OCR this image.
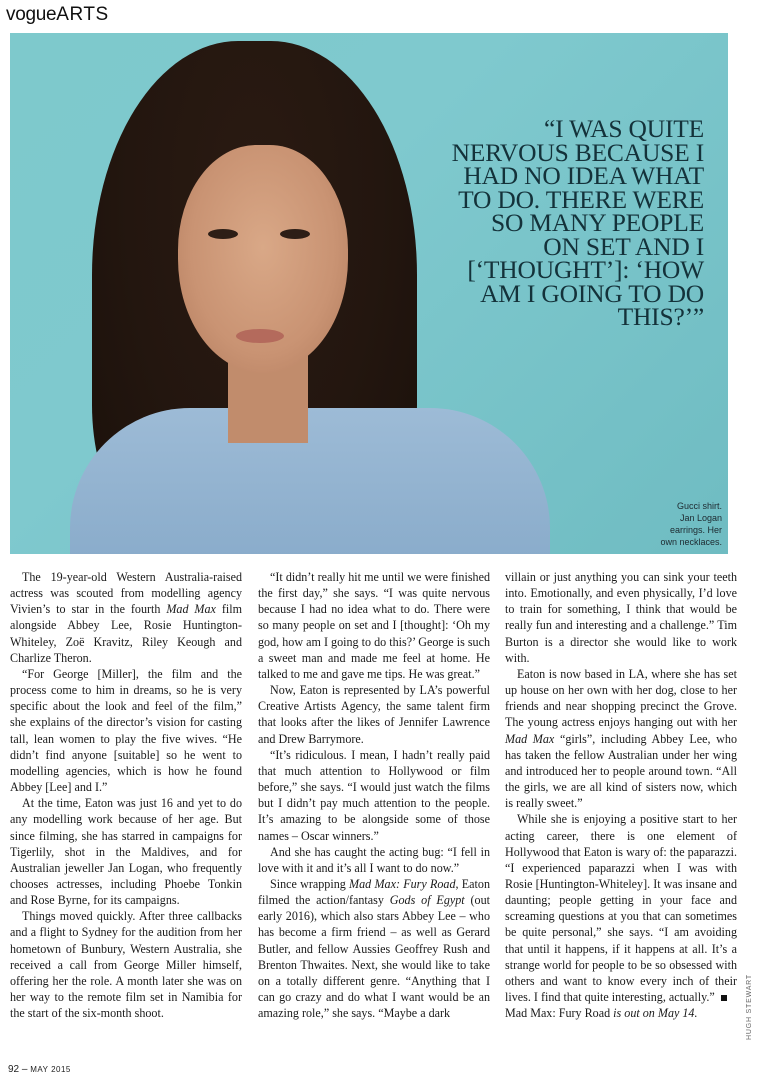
vogueARTS
“I WAS QUITE NERVOUS BECAUSE I HAD NO IDEA WHAT TO DO. THERE WERE SO MANY PEOPLE ON SET AND I [‘THOUGHT’]: ‘HOW AM I GOING TO DO THIS?’”
Gucci shirt.
Jan Logan
earrings. Her
own necklaces.

The 19-year-old Western Australia-raised actress was scouted from modelling agency Vivien’s to star in the fourth Mad Max film alongside Abbey Lee, Rosie Huntington-Whiteley, Zoë Kravitz, Riley Keough and Charlize Theron.

“For George [Miller], the film and the process come to him in dreams, so he is very specific about the look and feel of the film,” she explains of the director’s vision for casting tall, lean women to play the five wives. “He didn’t find anyone [suitable] so he went to modelling agencies, which is how he found Abbey [Lee] and I.”

At the time, Eaton was just 16 and yet to do any modelling work because of her age. But since filming, she has starred in campaigns for Tigerlily, shot in the Maldives, and for Australian jeweller Jan Logan, who frequently chooses actresses, including Phoebe Tonkin and Rose Byrne, for its campaigns.

Things moved quickly. After three callbacks and a flight to Sydney for the audition from her hometown of Bunbury, Western Australia, she received a call from George Miller himself, offering her the role. A month later she was on her way to the remote film set in Namibia for the start of the six-month shoot.

“It didn’t really hit me until we were finished the first day,” she says. “I was quite nervous because I had no idea what to do. There were so many people on set and I [thought]: ‘Oh my god, how am I going to do this?’ George is such a sweet man and made me feel at home. He talked to me and gave me tips. He was great.”

Now, Eaton is represented by LA’s powerful Creative Artists Agency, the same talent firm that looks after the likes of Jennifer Lawrence and Drew Barrymore.

“It’s ridiculous. I mean, I hadn’t really paid that much attention to Hollywood or film before,” she says. “I would just watch the films but I didn’t pay much attention to the people. It’s amazing to be alongside some of those names – Oscar winners.”

And she has caught the acting bug: “I fell in love with it and it’s all I want to do now.”

Since wrapping Mad Max: Fury Road, Eaton filmed the action/fantasy Gods of Egypt (out early 2016), which also stars Abbey Lee – who has become a firm friend – as well as Gerard Butler, and fellow Aussies Geoffrey Rush and Brenton Thwaites. Next, she would like to take on a totally different genre. “Anything that I can go crazy and do what I want would be an amazing role,” she says. “Maybe a dark

villain or just anything you can sink your teeth into. Emotionally, and even physically, I’d love to train for something, I think that would be really fun and interesting and a challenge.” Tim Burton is a director she would like to work with.

Eaton is now based in LA, where she has set up house on her own with her dog, close to her friends and near shopping precinct the Grove. The young actress enjoys hanging out with her Mad Max “girls”, including Abbey Lee, who has taken the fellow Australian under her wing and introduced her to people around town. “All the girls, we are all kind of sisters now, which is really sweet.”

While she is enjoying a positive start to her acting career, there is one element of Hollywood that Eaton is wary of: the paparazzi. “I experienced paparazzi when I was with Rosie [Huntington-Whiteley]. It was insane and daunting; people getting in your face and screaming questions at you that can sometimes be quite personal,” she says. “I am avoiding that until it happens, if it happens at all. It’s a strange world for people to be so obsessed with others and want to know every inch of their lives. I find that quite interesting, actually.”

Mad Max: Fury Road is out on May 14.

92 – MAY 2015
HUGH STEWART
